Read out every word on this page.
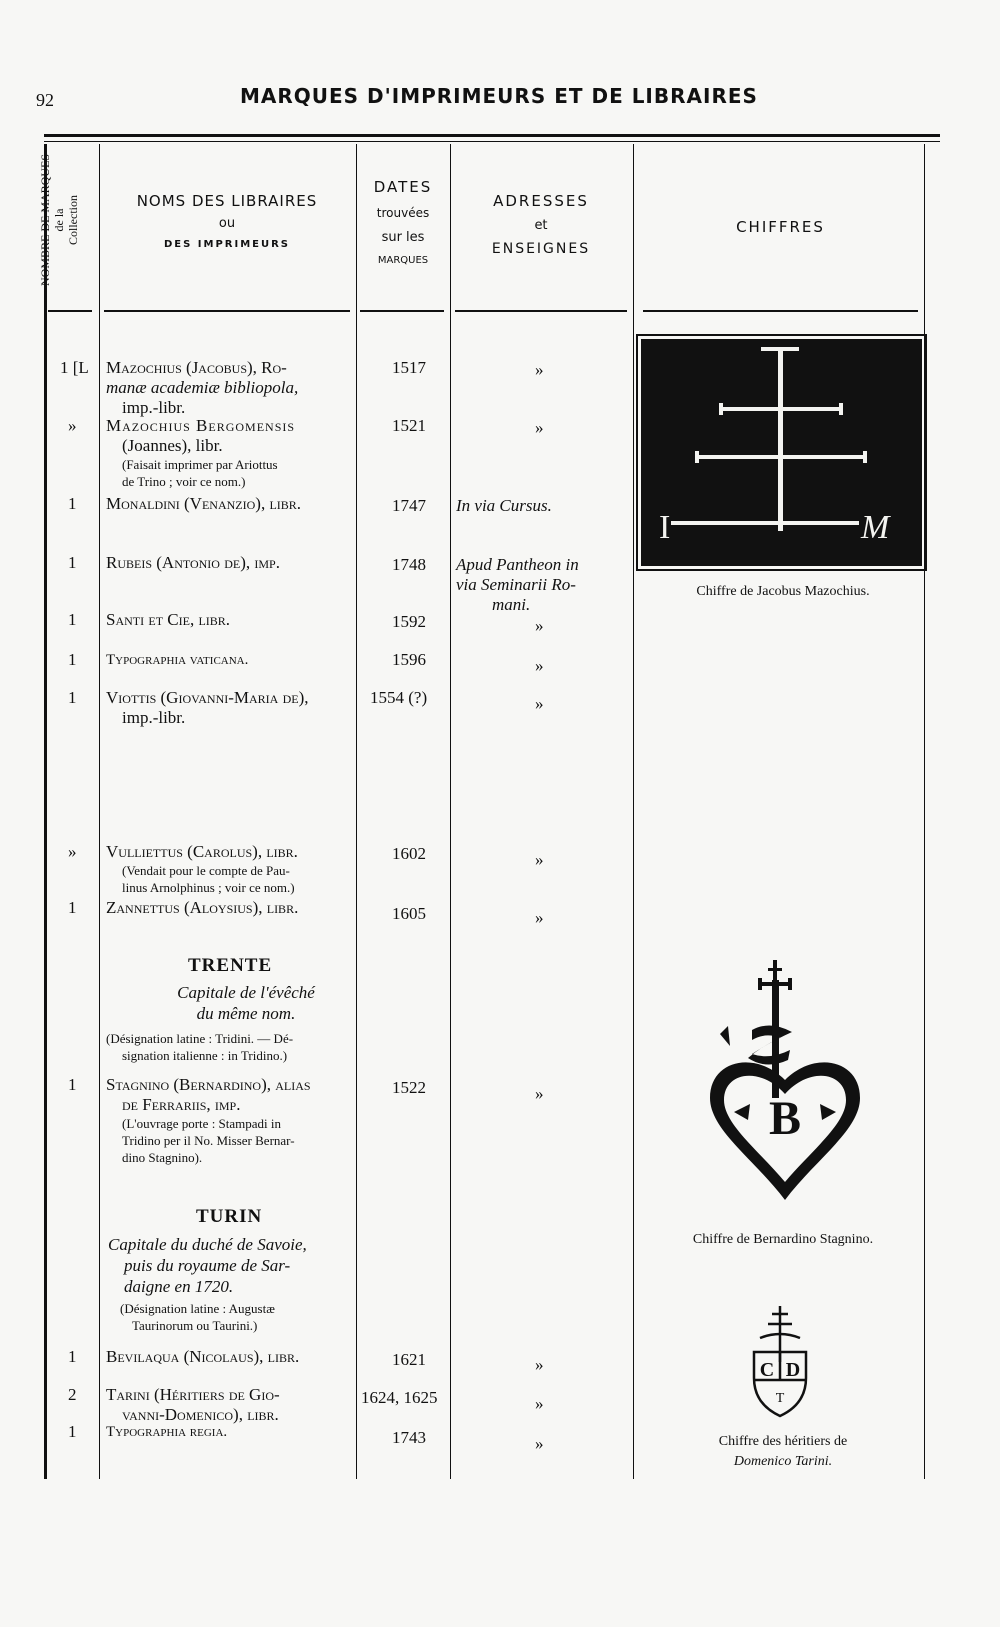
92	MARQUES D'IMPRIMEURS ET DE LIBRAIRES
NOMBRE DE MARQUES de la Collection	NOMS DES LIBRAIRES
ou
DES IMPRIMEURS
DATES
trouvées
sur les
MARQUES
ADRESSES
et
ENSEIGNES
CHIFFRES
1 [L Mazochius (Jacobus), Ro-
manæ academiæ bibliopola,
imp.-libr.
1517	»
» Mazochius Bergomensis
(Joannes), libr.
(Faisait imprimer par Ariottus
de Trino ; voir ce nom.)
1521	»
1 Monaldini (Venanzio), libr.	1747 In via Cursus.
1 Rubeis (Antonio de), imp.	1748 Apud Pantheon in
via Seminarii Ro-
mani.
1 Santi et Cie, libr.	1592	»
1 Typographia vaticana.	1596	»
1 Viottis (Giovanni-Maria de),
imp.-libr.
1554 (?)	»
» Vulliettus (Carolus), libr.
(Vendait pour le compte de Pau-
linus Arnolphinus ; voir ce nom.)
1602	»
1 Zannettus (Aloysius), libr.	1605	»
TRENTE
Capitale de l'évêché
du même nom.
(Désignation latine : Tridini. — Dé-
signation italienne : in Tridino.)
1 Stagnino (Bernardino), alias
de Ferrariis, imp.
(L'ouvrage porte : Stampadi in
Tridino per il No. Misser Bernar-
dino Stagnino).
1522	»
TURIN
Capitale du duché de Savoie,
puis du royaume de Sar-
daigne en 1720.
(Désignation latine : Augustæ
Taurinorum ou Taurini.)
1 Bevilaqua (Nicolaus), libr.	1621	»
2 Tarini (Héritiers de Gio-
vanni-Domenico), libr.
1624, 1625	»
1 Typographia regia.	1743	»
I	M
Chiffre de Jacobus Mazochius.
B
Chiffre de Bernardino Stagnino.
C D
T
Chiffre des héritiers de
Domenico Tarini.
